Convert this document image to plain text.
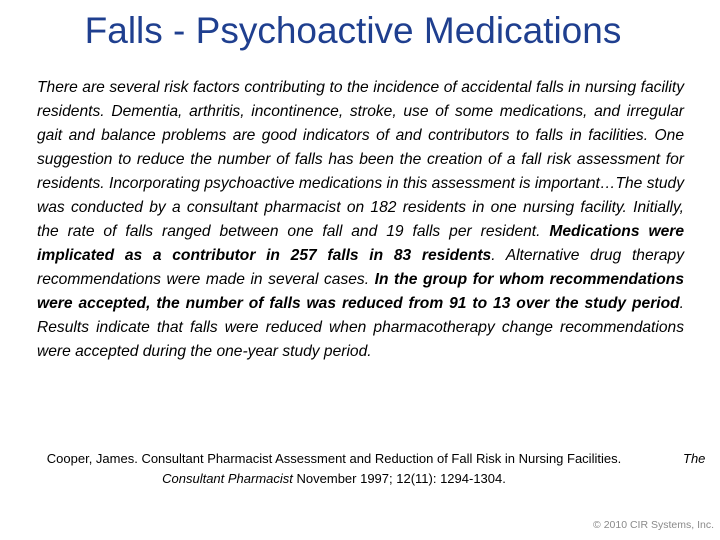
Falls - Psychoactive Medications
There are several risk factors contributing to the incidence of accidental falls in nursing facility residents. Dementia, arthritis, incontinence, stroke, use of some medications, and irregular gait and balance problems are good indicators of and contributors to falls in facilities. One suggestion to reduce the number of falls has been the creation of a fall risk assessment for residents. Incorporating psychoactive medications in this assessment is important…The study was conducted by a consultant pharmacist on 182 residents in one nursing facility. Initially, the rate of falls ranged between one fall and 19 falls per resident. Medications were implicated as a contributor in 257 falls in 83 residents. Alternative drug therapy recommendations were made in several cases. In the group for whom recommendations were accepted, the number of falls was reduced from 91 to 13 over the study period. Results indicate that falls were reduced when pharmacotherapy change recommendations were accepted during the one-year study period.
Cooper, James. Consultant Pharmacist Assessment and Reduction of Fall Risk in Nursing Facilities.
Consultant Pharmacist November 1997; 12(11): 1294-1304.
The
© 2010 CIR Systems, Inc.
